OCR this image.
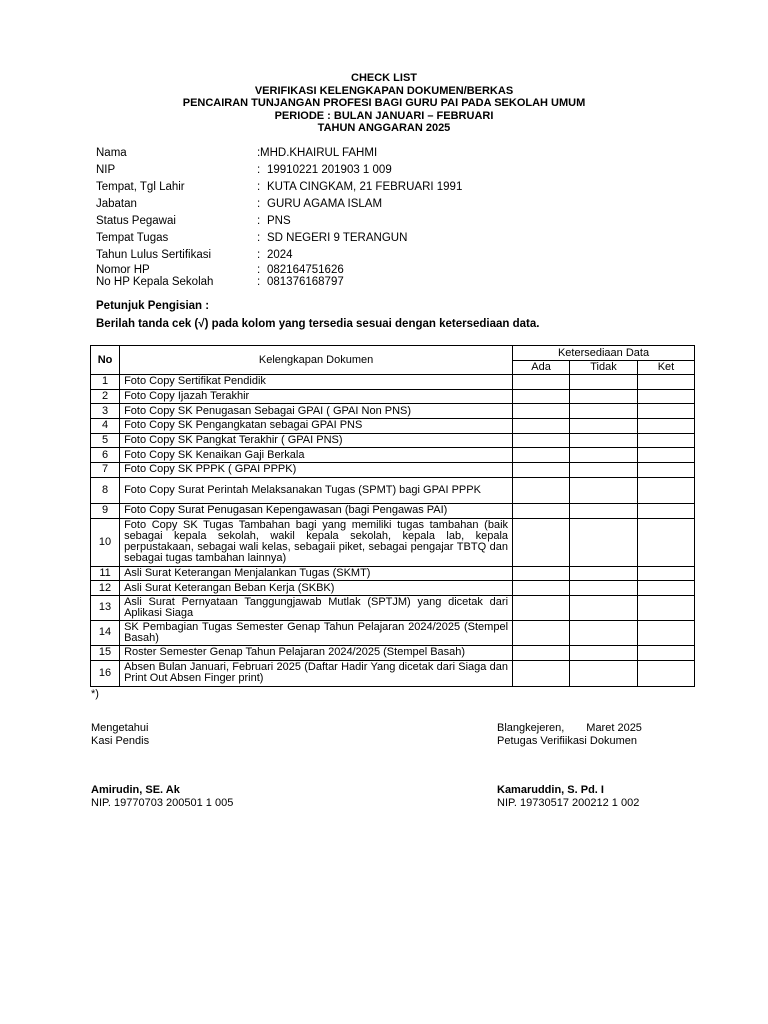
CHECK LIST
VERIFIKASI KELENGKAPAN DOKUMEN/BERKAS
PENCAIRAN TUNJANGAN PROFESI BAGI GURU PAI PADA SEKOLAH UMUM
PERIODE : BULAN JANUARI – FEBRUARI
TAHUN ANGGARAN 2025
Nama	: MHD.KHAIRUL FAHMI
NIP	: 19910221 201903 1 009
Tempat, Tgl Lahir	: KUTA CINGKAM, 21 FEBRUARI 1991
Jabatan	: GURU AGAMA ISLAM
Status Pegawai	: PNS
Tempat Tugas	: SD NEGERI 9 TERANGUN
Tahun Lulus Sertifikasi	: 2024
Nomor HP	: 082164751626
No HP Kepala Sekolah	: 081376168797
Petunjuk Pengisian :
Berilah tanda cek (√) pada kolom yang tersedia sesuai dengan ketersediaan data.
No	Kelengkapan Dokumen	Ketersediaan Data		
		Ada	Tidak	Ket
1	Foto Copy Sertifikat Pendidik			
2	Foto Copy Ijazah Terakhir			
3	Foto Copy SK Penugasan Sebagai GPAI ( GPAI Non PNS)			
4	Foto Copy SK Pengangkatan sebagai GPAI PNS			
5	Foto Copy SK Pangkat Terakhir ( GPAI PNS)			
6	Foto Copy SK Kenaikan Gaji Berkala			
7	Foto Copy SK PPPK ( GPAI PPPK)			
8	Foto Copy Surat Perintah Melaksanakan Tugas (SPMT) bagi GPAI PPPK			
9	Foto Copy Surat Penugasan Kepengawasan (bagi Pengawas PAI)			
10	Foto Copy SK Tugas Tambahan bagi yang memiliki tugas tambahan (baik sebagai kepala sekolah, wakil kepala sekolah, kepala lab, kepala perpustakaan, sebagai wali kelas, sebagaii piket, sebagai pengajar TBTQ dan sebagai tugas tambahan lainnya)			
11	Asli Surat Keterangan Menjalankan Tugas (SKMT)			
12	Asli Surat Keterangan Beban Kerja (SKBK)			
13	Asli Surat Pernyataan Tanggungjawab Mutlak (SPTJM) yang dicetak dari Aplikasi Siaga			
14	SK Pembagian Tugas Semester Genap Tahun Pelajaran 2024/2025 (Stempel Basah)			
15	Roster Semester Genap Tahun Pelajaran 2024/2025 (Stempel Basah)			
16	Absen Bulan Januari, Februari 2025 (Daftar Hadir Yang dicetak dari Siaga dan Print Out Absen Finger print)			
*)
Mengetahui
Kasi Pendis
Amirudin, SE. Ak
NIP. 19770703 200501 1 005
Blangkejeren, Maret 2025
Petugas Verifiikasi Dokumen
Kamaruddin, S. Pd. I
NIP. 19730517 200212 1 002
